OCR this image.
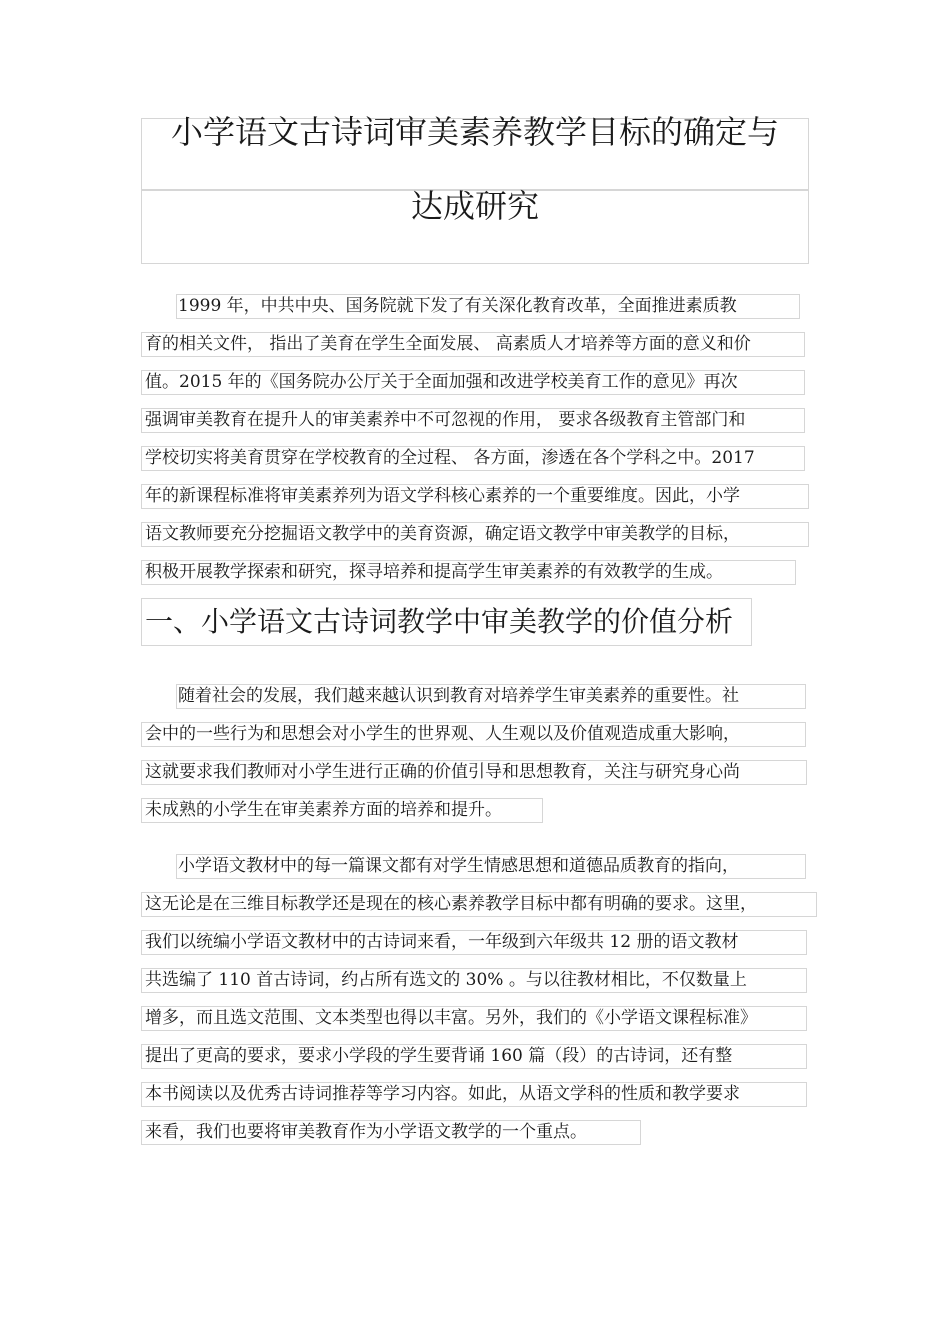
小学语文古诗词审美素养教学目标的确定与
达成研究
1999 年，中共中央、国务院就下发了有关深化教育改革，全面推进素质教
育的相关文件， 指出了美育在学生全面发展、 高素质人才培养等方面的意义和价
值。2015 年的《国务院办公厅关于全面加强和改进学校美育工作的意见》再次
强调审美教育在提升人的审美素养中不可忽视的作用， 要求各级教育主管部门和
学校切实将美育贯穿在学校教育的全过程、 各方面，渗透在各个学科之中。2017
年的新课程标准将审美素养列为语文学科核心素养的一个重要维度。因此，小学
语文教师要充分挖掘语文教学中的美育资源，确定语文教学中审美教学的目标，
积极开展教学探索和研究，探寻培养和提高学生审美素养的有效教学的生成。
一、小学语文古诗词教学中审美教学的价值分析
随着社会的发展，我们越来越认识到教育对培养学生审美素养的重要性。社
会中的一些行为和思想会对小学生的世界观、人生观以及价值观造成重大影响，
这就要求我们教师对小学生进行正确的价值引导和思想教育，关注与研究身心尚
未成熟的小学生在审美素养方面的培养和提升。
小学语文教材中的每一篇课文都有对学生情感思想和道德品质教育的指向，
这无论是在三维目标教学还是现在的核心素养教学目标中都有明确的要求。这里，
我们以统编小学语文教材中的古诗词来看，一年级到六年级共 12 册的语文教材
共选编了 110 首古诗词，约占所有选文的 30% 。与以往教材相比，不仅数量上
增多，而且选文范围、文本类型也得以丰富。另外，我们的《小学语文课程标准》
提出了更高的要求，要求小学段的学生要背诵 160 篇（段）的古诗词，还有整
本书阅读以及优秀古诗词推荐等学习内容。如此，从语文学科的性质和教学要求
来看，我们也要将审美教育作为小学语文教学的一个重点。
